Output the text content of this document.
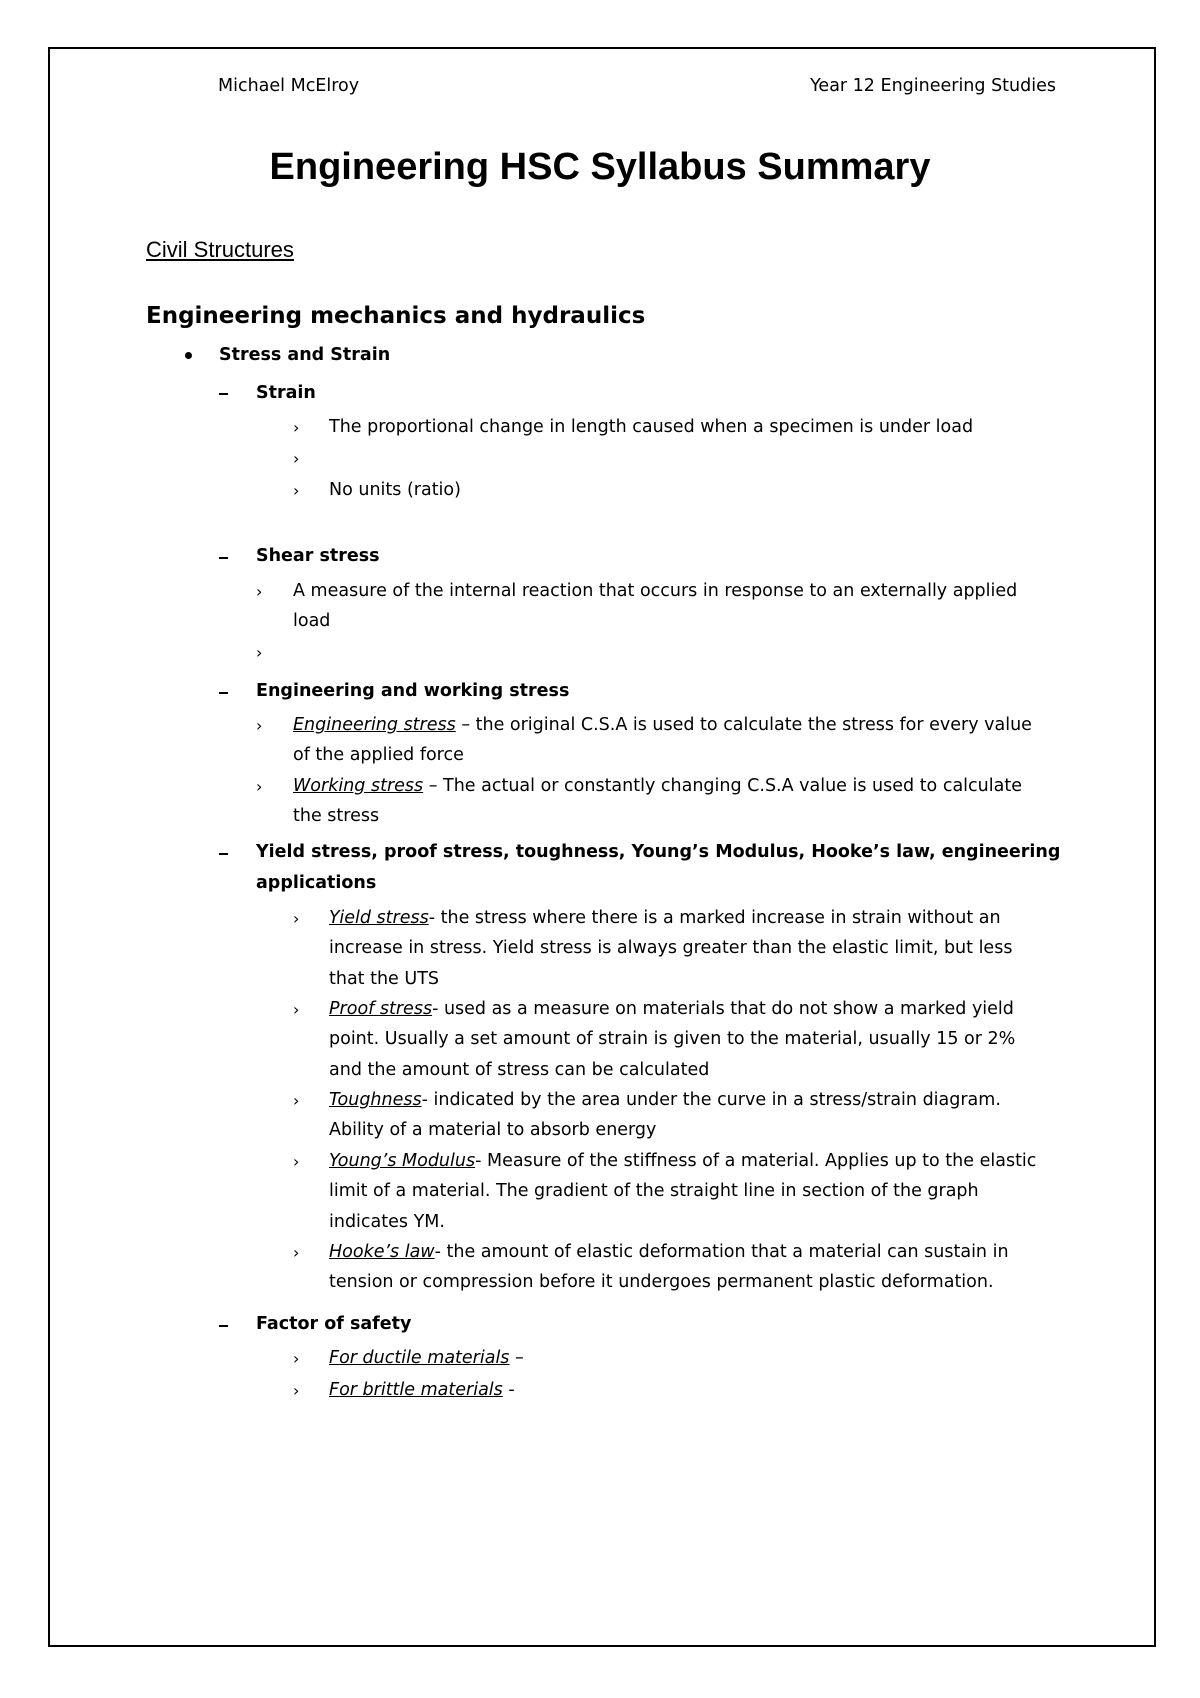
Michael McElroy	Year 12 Engineering Studies
Engineering HSC Syllabus Summary
Civil Structures
Engineering mechanics and hydraulics
Stress and Strain
Strain
› The proportional change in length caused when a specimen is under load
›
› No units (ratio)
Shear stress
› A measure of the internal reaction that occurs in response to an externally applied
load
›
Engineering and working stress
› Engineering stress – the original C.S.A is used to calculate the stress for every value
of the applied force
› Working stress – The actual or constantly changing C.S.A value is used to calculate
the stress
Yield stress, proof stress, toughness, Young’s Modulus, Hooke’s law, engineering
applications
› Yield stress- the stress where there is a marked increase in strain without an
increase in stress. Yield stress is always greater than the elastic limit, but less
that the UTS
› Proof stress- used as a measure on materials that do not show a marked yield
point. Usually a set amount of strain is given to the material, usually 15 or 2%
and the amount of stress can be calculated
› Toughness- indicated by the area under the curve in a stress/strain diagram.
Ability of a material to absorb energy
› Young’s Modulus- Measure of the stiffness of a material. Applies up to the elastic
limit of a material. The gradient of the straight line in section of the graph
indicates YM.
› Hooke’s law- the amount of elastic deformation that a material can sustain in
tension or compression before it undergoes permanent plastic deformation.
Factor of safety
› For ductile materials –
› For brittle materials -
